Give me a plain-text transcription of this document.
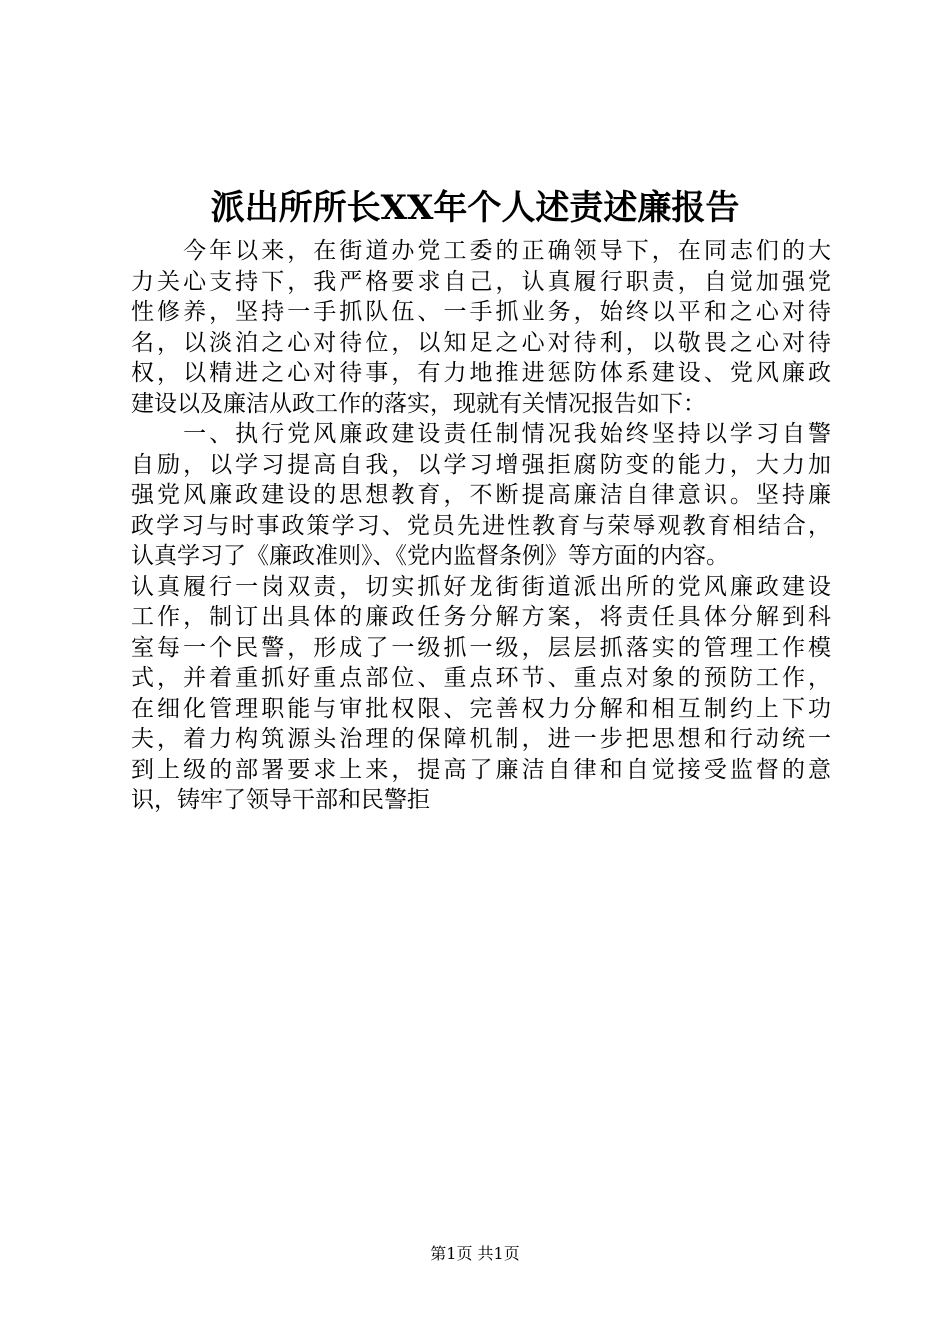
派出所所长XX年个人述责述廉报告
　　今年以来，在街道办党工委的正确领导下，在同志们的大
力关心支持下，我严格要求自己，认真履行职责，自觉加强党
性修养，坚持一手抓队伍、一手抓业务，始终以平和之心对待
名，以淡泊之心对待位，以知足之心对待利，以敬畏之心对待
权，以精进之心对待事，有力地推进惩防体系建设、党风廉政
建设以及廉洁从政工作的落实，现就有关情况报告如下：
　　一、执行党风廉政建设责任制情况我始终坚持以学习自警
自励，以学习提高自我，以学习增强拒腐防变的能力，大力加
强党风廉政建设的思想教育，不断提高廉洁自律意识。坚持廉
政学习与时事政策学习、党员先进性教育与荣辱观教育相结合，
认真学习了《廉政准则》、《党内监督条例》等方面的内容。
认真履行一岗双责，切实抓好龙街街道派出所的党风廉政建设
工作，制订出具体的廉政任务分解方案，将责任具体分解到科
室每一个民警，形成了一级抓一级，层层抓落实的管理工作模
式，并着重抓好重点部位、重点环节、重点对象的预防工作，
在细化管理职能与审批权限、完善权力分解和相互制约上下功
夫，着力构筑源头治理的保障机制，进一步把思想和行动统一
到上级的部署要求上来，提高了廉洁自律和自觉接受监督的意
识，铸牢了领导干部和民警拒
第1页 共1页
